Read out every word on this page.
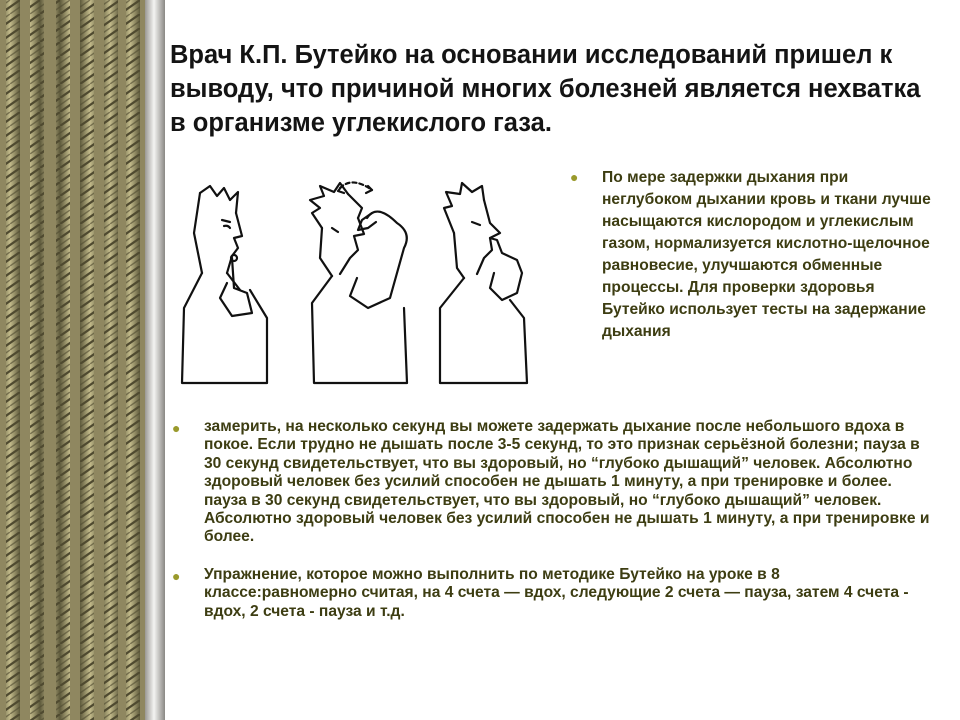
Врач К.П. Бутейко на основании исследований пришел к выводу, что причиной многих болезней является нехватка в организме углекислого газа.
●	По мере задержки дыхания при неглубоком дыхании кровь и ткани лучше насыщаются кислородом и углекислым газом, нормализуется кислотно-щелочное равновесие, улучшаются обменные процессы. Для проверки здоровья Бутейко использует тесты на задержание дыхания

●	замерить, на несколько секунд вы можете задержать дыхание после небольшого вдоха в покое. Если трудно не дышать после 3-5 секунд, то это признак серьёзной болезни; пауза в 30 секунд свидетельствует, что вы здоровый, но “глубоко дышащий” человек. Абсолютно здоровый человек без усилий способен не дышать 1 минуту, а при тренировке и более. пауза в 30 секунд свидетельствует, что вы здоровый, но “глубоко дышащий” человек. Абсолютно здоровый человек без усилий способен не дышать 1 минуту, а при тренировке и более.

●	Упражнение, которое можно выполнить по методике Бутейко на уроке в 8 классе:равномерно считая, на 4 счета — вдох, следующие 2 счета — пауза, затем 4 счета - вдох, 2 счета - пауза и т.д.
